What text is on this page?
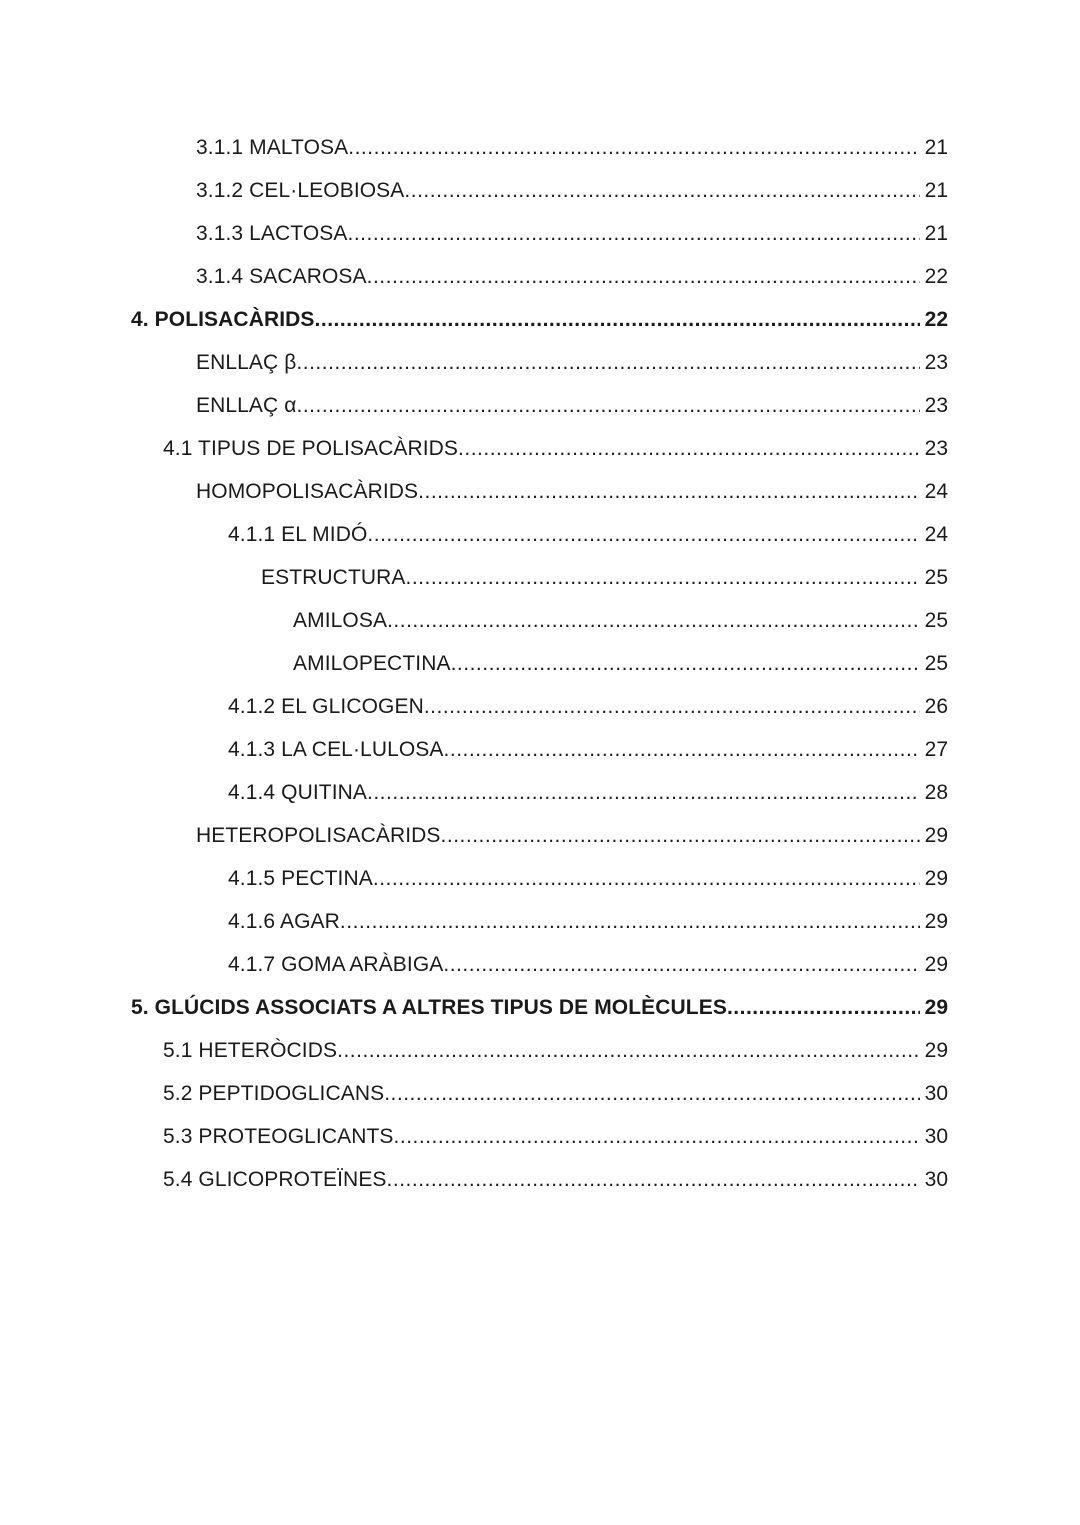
3.1.1 MALTOSA .....	21
3.1.2 CEL·LEOBIOSA .....	21
3.1.3 LACTOSA .....	21
3.1.4 SACAROSA .....	22
4. POLISACÀRIDS .....	22
ENLLAÇ β .....	23
ENLLAÇ α .....	23
4.1 TIPUS DE POLISACÀRIDS .....	23
HOMOPOLISACÀRIDS .....	24
4.1.1 EL MIDÓ .....	24
ESTRUCTURA .....	25
AMILOSA .....	25
AMILOPECTINA .....	25
4.1.2 EL GLICOGEN .....	26
4.1.3 LA CEL·LULOSA .....	27
4.1.4 QUITINA .....	28
HETEROPOLISACÀRIDS .....	29
4.1.5 PECTINA .....	29
4.1.6 AGAR .....	29
4.1.7 GOMA ARÀBIGA .....	29
5. GLÚCIDS ASSOCIATS A ALTRES TIPUS DE MOLÈCULES .....	29
5.1 HETERÒCIDS .....	29
5.2 PEPTIDOGLICANS .....	30
5.3 PROTEOGLICANTS .....	30
5.4 GLICOPROTEÏNES .....	30
